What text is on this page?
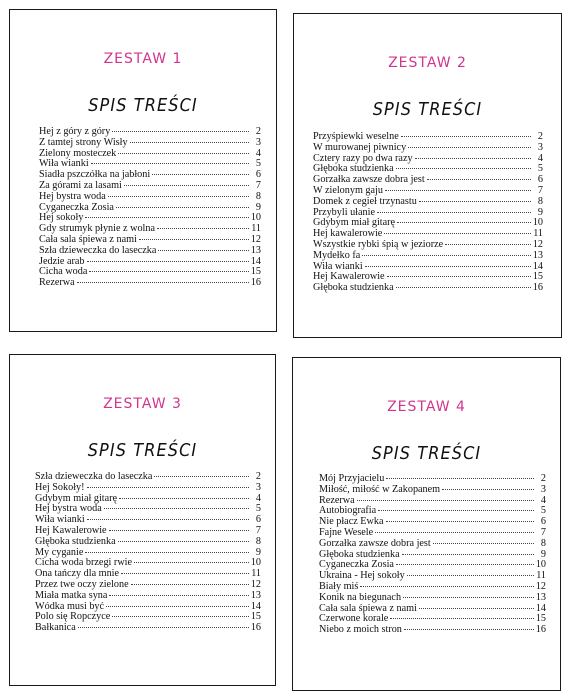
ZESTAW 1
SPIS TREŚCI
Hej z góry z góry	2
Z tamtej strony Wisły	3
Zielony mosteczek	4
Wiła wianki	5
Siadła pszczółka na jabłoni	6
Za górami za lasami	7
Hej bystra woda	8
Cyganeczka Zosia	9
Hej sokoły	10
Gdy strumyk płynie z wolna	11
Cała sala śpiewa z nami	12
Szła dzieweczka do laseczka	13
Jedzie arab	14
Cicha woda	15
Rezerwa	16
ZESTAW 2
SPIS TREŚCI
Przyśpiewki weselne	2
W murowanej piwnicy	3
Cztery razy po dwa razy	4
Głęboka studzienka	5
Gorzałka zawsze dobra jest	6
W zielonym gaju	7
Domek z cegieł trzynastu	8
Przybyli ułanie	9
Gdybym miał gitarę	10
Hej kawalerowie	11
Wszystkie rybki śpią w jeziorze	12
Mydełko fa	13
Wiła wianki	14
Hej Kawalerowie	15
Głęboka studzienka	16
ZESTAW 3
SPIS TREŚCI
Szła dzieweczka do laseczka	2
Hej Sokoły!	3
Gdybym miał gitarę	4
Hej bystra woda	5
Wiła wianki	6
Hej Kawalerowie	7
Głęboka studzienka	8
My cyganie	9
Cicha woda brzegi rwie	10
Ona tańczy dla mnie	11
Przez twe oczy zielone	12
Miała matka syna	13
Wódka musi być	14
Polo się Ropczyce	15
Bałkanica	16
ZESTAW 4
SPIS TREŚCI
Mój Przyjacielu	2
Miłość, miłość w Zakopanem	3
Rezerwa	4
Autobiografia	5
Nie płacz Ewka	6
Fajne Wesele	7
Gorzałka zawsze dobra jest	8
Głęboka studzienka	9
Cyganeczka Zosia	10
Ukraina - Hej sokoły	11
Biały miś	12
Konik na biegunach	13
Cała sala śpiewa z nami	14
Czerwone korale	15
Niebo z moich stron	16
